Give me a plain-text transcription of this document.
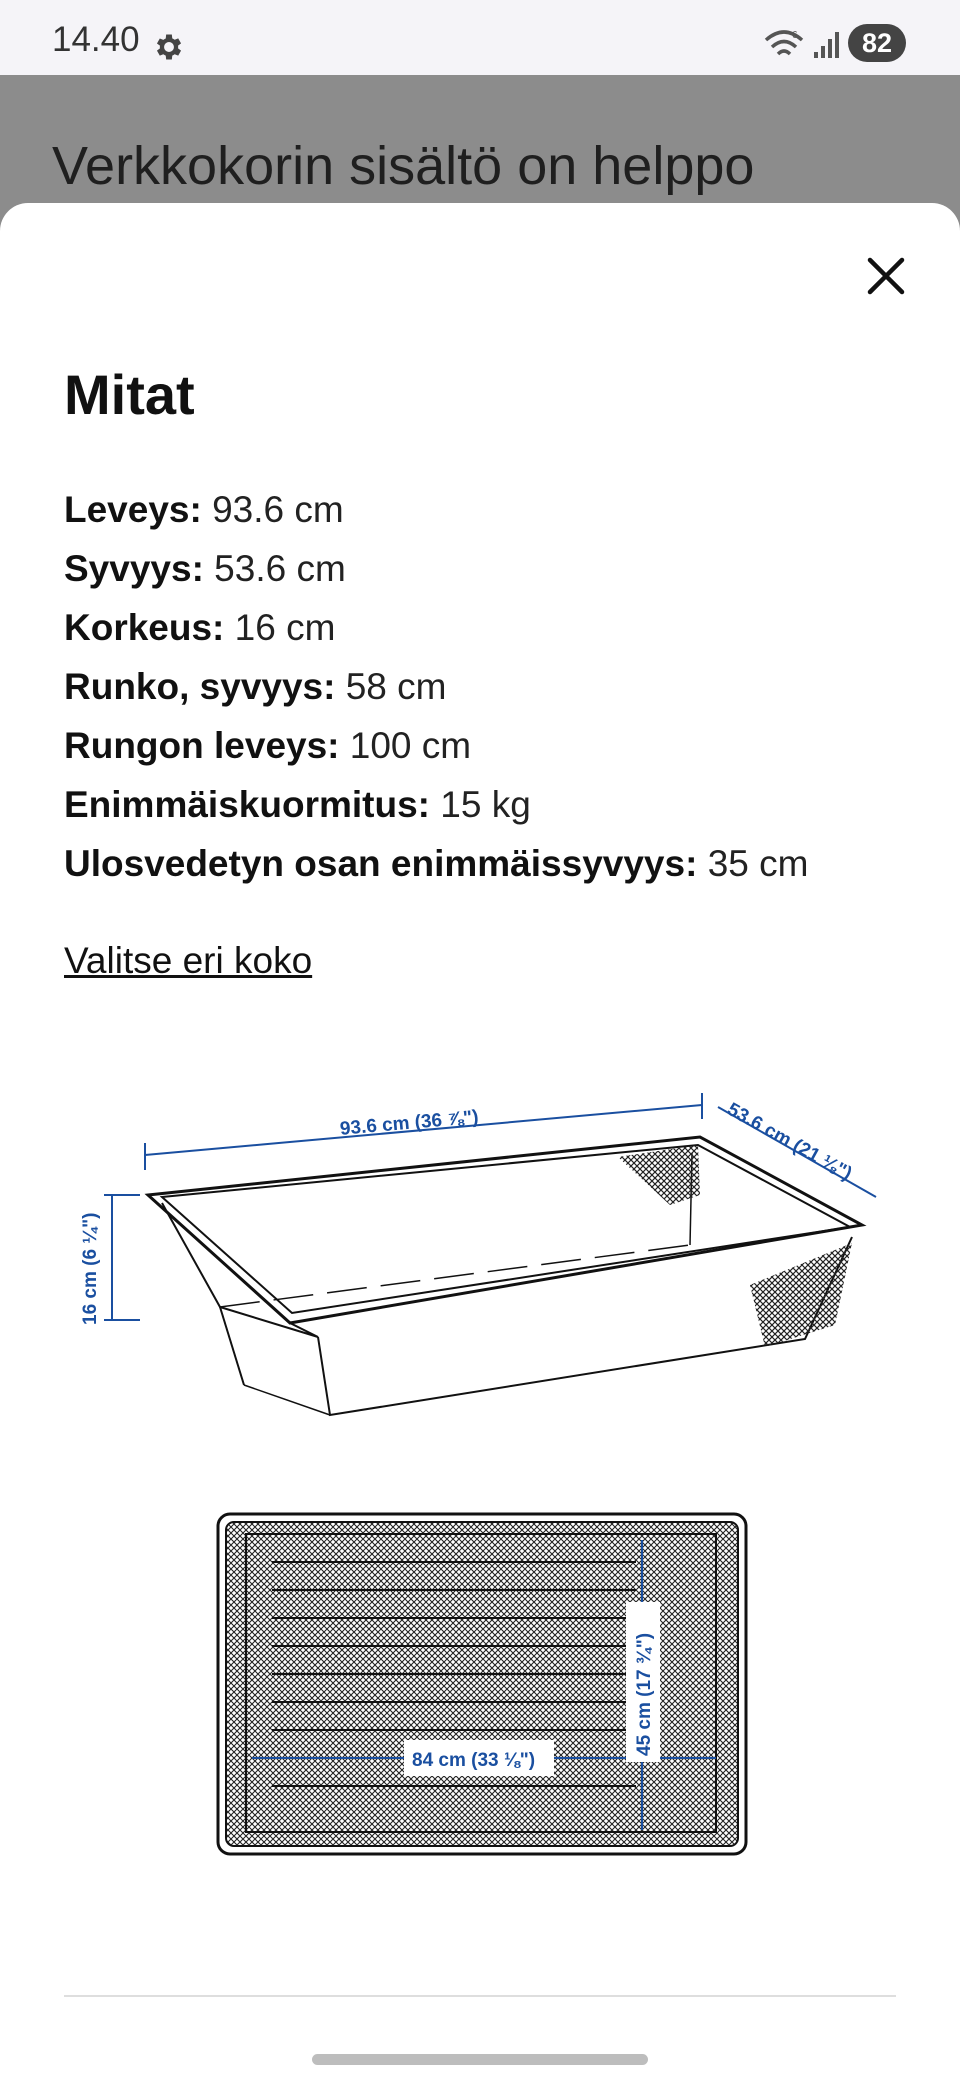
14.40	6	82
Verkkokorin sisältö on helppo
Mitat
Leveys: 93.6 cm
Syvyys: 53.6 cm
Korkeus: 16 cm
Runko, syvyys: 58 cm
Rungon leveys: 100 cm
Enimmäiskuormitus: 15 kg
Ulosvedetyn osan enimmäissyvyys: 35 cm
Valitse eri koko
93.6 cm (36 ⅞")	53.6 cm (21 ⅛")
16 cm (6 ¼")
84 cm (33 ⅛")
45 cm (17 ¾")
